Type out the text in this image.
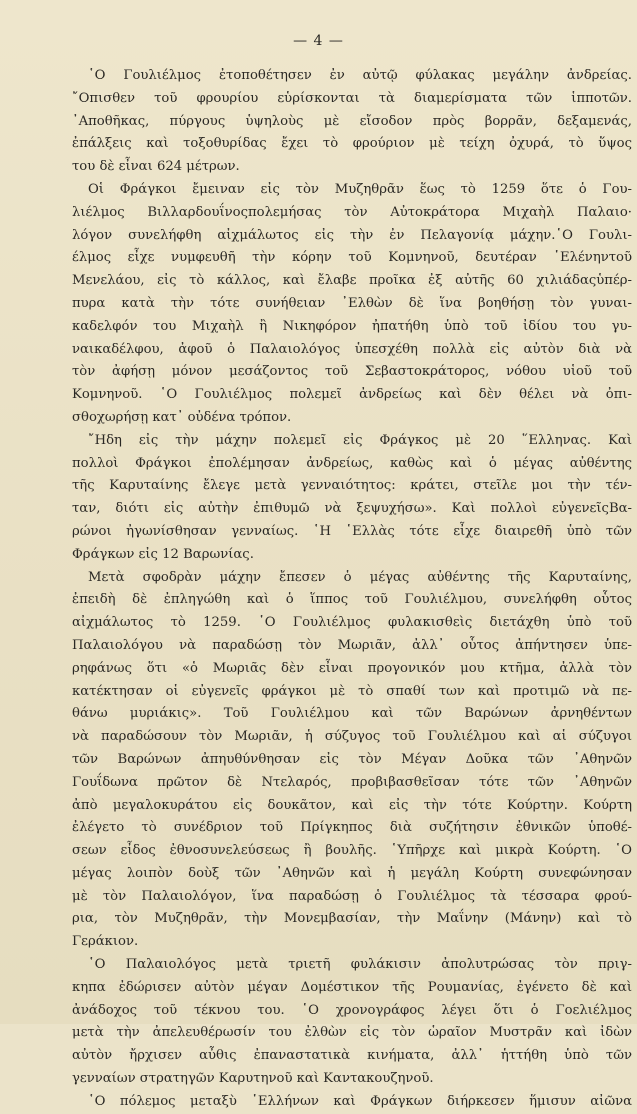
— 4 —
῾Ο Γουλιέλμος ἐτοποθέτησεν ἐν αὐτῷ φύλακας μεγάλην ἀνδρείας.
῎Οπισθεν τοῦ φρουρίου εὑρίσκονται τὰ διαμερίσματα τῶν ἱπποτῶν.
᾿Αποθῆκας, πύργους ὑψηλοὺς μὲ εἴσοδον πρὸς βορρᾶν, δεξαμενάς,
ἐπάλξεις καὶ τοξοθυρίδας ἔχει τὸ φρούριον μὲ τείχη ὀχυρά, τὸ ὕψος
του δὲ εἶναι 624 μέτρων.
Οἱ Φράγκοι ἔμειναν εἰς τὸν Μυζηθρᾶν ἕως τὸ 1259 ὅτε ὁ Γου-
λιέλμος Βιλλαρδουΐνοςπολεμήσας τὸν Αὐτοκράτορα Μιχαὴλ Παλαιο·
λόγον συνελήφθη αἰχμάλωτος εἰς τὴν ἐν Πελαγονίᾳ μάχην.῾Ο Γουλι-
έλμος εἶχε νυμφευθῆ τὴν κόρην τοῦ Κομνηνοῦ, δευτέραν ῾Ελένηντοῦ
Μενελάου, εἰς τὸ κάλλος, καὶ ἔλαβε προῖκα ἐξ αὐτῆς 60 χιλιάδαςὑπέρ-
πυρα κατὰ τὴν τότε συνήθειαν ᾿Ελθὼν δὲ ἵνα βοηθήσῃ τὸν γυναι-
καδελφόν του Μιχαὴλ ἢ Νικηφόρον ἠπατήθη ὑπὸ τοῦ ἰδίου του γυ-
ναικαδέλφου, ἀφοῦ ὁ Παλαιολόγος ὑπεσχέθη πολλὰ εἰς αὐτὸν διὰ νὰ
τὸν ἀφήσῃ μόνον μεσάζοντος τοῦ Σεβαστοκράτορος, νόθου υἱοῦ τοῦ
Κομνηνοῦ. ῾Ο Γουλιέλμος πολεμεῖ ἀνδρείως καὶ δὲν θέλει νὰ ὀπι-
σθοχωρήσῃ κατ᾿ οὐδένα τρόπον.
῎Ηδη εἰς τὴν μάχην πολεμεῖ εἰς Φράγκος μὲ 20 ῞Ελληνας. Καὶ
πολλοὶ Φράγκοι ἐπολέμησαν ἀνδρείως, καθὼς καὶ ὁ μέγας αὐθέντης
τῆς Καρυταίνης ἔλεγε μετὰ γενναιότητος: κράτει, στεῖλε μοι τὴν τέν-
ταν, διότι εἰς αὐτὴν ἐπιθυμῶ νὰ ξεψυχήσω». Καὶ πολλοὶ εὐγενεῖςΒα-
ρώνοι ἠγωνίσθησαν γενναίως. ῾Η ῾Ελλὰς τότε εἶχε διαιρεθῆ ὑπὸ τῶν
Φράγκων εἰς 12 Βαρωνίας.
Μετὰ σφοδρὰν μάχην ἔπεσεν ὁ μέγας αὐθέντης τῆς Καρυταίνης,
ἐπειδὴ δὲ ἐπληγώθη καὶ ὁ ἵππος τοῦ Γουλιέλμου, συνελήφθη οὗτος
αἰχμάλωτος τὸ 1259. ῾Ο Γουλιέλμος φυλακισθεὶς διετάχθη ὑπὸ τοῦ
Παλαιολόγου νὰ παραδώσῃ τὸν Μωριᾶν, ἀλλ᾿ οὗτος ἀπήντησεν ὑπε-
ρηφάνως ὅτι «ὁ Μωριᾶς δὲν εἶναι προγονικόν μου κτῆμα, ἀλλὰ τὸν
κατέκτησαν οἱ εὐγενεῖς φράγκοι μὲ τὸ σπαθί των καὶ προτιμῶ νὰ πε-
θάνω μυριάκις». Τοῦ Γουλιέλμου καὶ τῶν Βαρώνων ἀρνηθέντων
νὰ παραδώσουν τὸν Μωριᾶν, ἡ σύζυγος τοῦ Γουλιέλμου καὶ αἱ σύζυγοι
τῶν Βαρώνων ἀπηυθύνθησαν εἰς τὸν Μέγαν Δοῦκα τῶν ᾿Αθηνῶν
Γουΐδωνα πρῶτον δὲ Ντελαρός, προβιβασθεῖσαν τότε τῶν ᾿Αθηνῶν
ἀπὸ μεγαλοκυράτου εἰς δουκᾶτον, καὶ εἰς τὴν τότε Κούρτην. Κούρτη
ἐλέγετο τὸ συνέδριον τοῦ Πρίγκηπος διὰ συζήτησιν ἐθνικῶν ὑποθέ-
σεων εἶδος ἐθνοσυνελεύσεως ἢ βουλῆς. ῾Υπῆρχε καὶ μικρὰ Κούρτη. ῾Ο
μέγας λοιπὸν δοὺξ τῶν ᾿Αθηνῶν καὶ ἡ μεγάλη Κούρτη συνεφώνησαν
μὲ τὸν Παλαιολόγον, ἵνα παραδώσῃ ὁ Γουλιέλμος τὰ τέσσαρα φρού-
ρια, τὸν Μυζηθρᾶν, τὴν Μονεμβασίαν, τὴν Μαΐνην (Μάνην) καὶ τὸ
Γεράκιον.
῾Ο Παλαιολόγος μετὰ τριετῆ φυλάκισιν ἀπολυτρώσας τὸν πριγ-
κηπα ἐδώρισεν αὐτὸν μέγαν Δομέστικον τῆς Ρουμανίας, ἐγένετο δὲ καὶ
ἀνάδοχος τοῦ τέκνου του. ῾Ο χρονογράφος λέγει ὅτι ὁ Γοελιέλμος
μετὰ τὴν ἀπελευθέρωσίν του ἐλθὼν εἰς τὸν ὡραῖον Μυστρᾶν καὶ ἰδὼν
αὐτὸν ἤρχισεν αὖθις ἐπαναστατικὰ κινήματα, ἀλλ᾿ ἡττήθη ὑπὸ τῶν
γενναίων στρατηγῶν Καρυτηνοῦ καὶ Καντακουζηνοῦ.
῾Ο πόλεμος μεταξὺ ῾Ελλήνων καὶ Φράγκων διήρκεσεν ἥμισυν αἰῶνα
